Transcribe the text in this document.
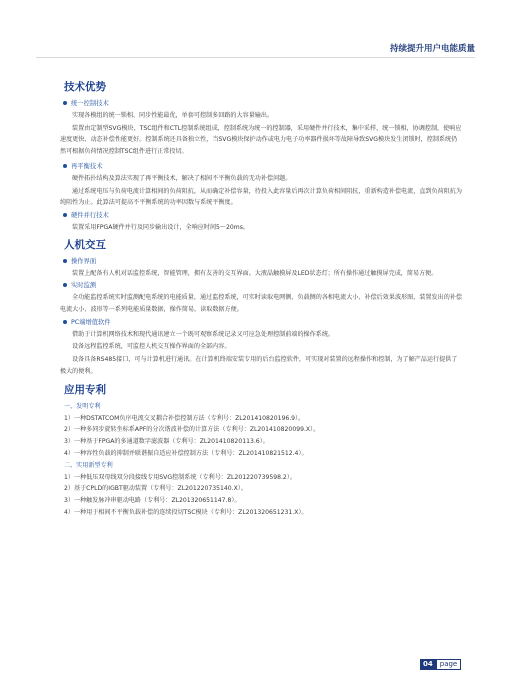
持续提升用户电能质量
技术优势
统一控制技术

实现各模组的统一锁相、同步性能最优，单套可控制多回路的大容量输出。

装置由定制型SVG模块、TSC组件和CTL控制系统组成，控制系统为统一的控制器，采用硬件并行技术，集中采样，统一锁相，协调控制，使响应速度更快、动态补偿性能更好。控制系统还具备独立性，当SVG模块保护动作或电力电子功率器件损坏等故障导致SVG模块发生闭锁时，控制系统仍然可根据负荷情况控制TSC组件进行正常投切。

再平衡技术

硬件拓扑结构及算法实现了再平衡技术，解决了相间不平衡负载的无功补偿问题。

通过系统电压与负荷电流计算相间的负荷阻抗，从而确定补偿容量，待投入此容量后再次计算负荷相间阻抗，重新构造补偿电流，直到负荷阻抗为纯阻性为止。此算法可提高不平衡系统的功率因数与系统平衡度。

硬件并行技术

装置采用FPGA硬件并行及同步输出设计，全响应时间5～20ms。

人机交互
操作界面

装置上配备有人机对话监控系统，智能管理，拥有友善的交互界面。大液晶触摸屏及LED状态灯；所有操作通过触摸屏完成，简易方便。

实时监测

全功能监控系统实时监测配电系统的电能质量，通过监控系统，可实时读取电网侧、负载侧的各相电流大小、补偿后效果波形图、装置发出的补偿电流大小、波形等一系列电能质量数据，操作简易，读取数据方便。

PC端增值软件

借助于计算机网络技术和现代通讯建立一个既可观察系统记录又可应急处理控制前端的操作系统。

设备远程监控系统，可监控人机交互操作界面的全部内容。

设备具备RS485接口，可与计算机进行通讯。在计算机终端安装专用的后台监控软件，可实现对装置的远程操作和控制，为了解产品运行提供了极大的便利。

应用专利
一、发明专利
1）一种DSTATCOM负序电流交叉耦合补偿控制方法（专利号：ZL201410820196.9）。
2）一种多同步旋转坐标系APF的分次谐波补偿的计算方法（专利号：ZL201410820099.X）。
3）一种基于FPGA的多通道数字滤波器（专利号：ZL201410820113.6）。
4）一种容性负载的抑制并联谐振自适应补偿控制方法（专利号：ZL201410821512.4）。
二、实用新型专利
1）一种低压双母线双分段接线专用SVG控制系统（专利号：ZL201220739598.2）。
2）基于CPLD的IGBT驱动装置（专利号：ZL201220735140.X）。
3）一种触发脉冲串驱动电路（专利号：ZL201320651147.8）。
4）一种用于相间不平衡负载补偿的连续投切TSC模块（专利号：ZL201320651231.X）。
04	page
